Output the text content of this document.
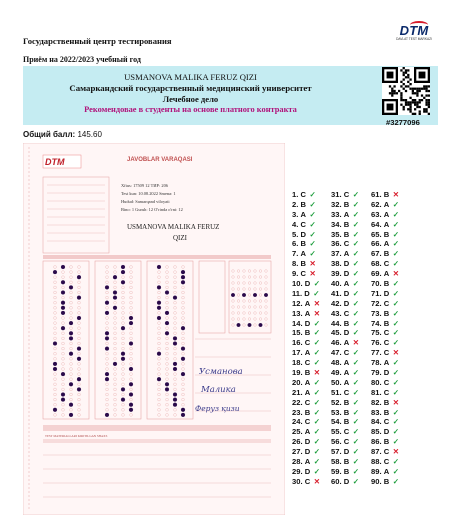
Государственный центр тестирования
Приём на 2022/2023 учебный год
DTM
DAVLAT TEST MARKAZI
USMANOVA MALIKA FERUZ QIZI
Самаркандский государственный медицинский университет
Лечебное дело
Рекомендовае в студенты на основе платного контракта
#3277096
Общий балл: 145.60
DTM	JAVOBLAR VARAQASI
Xftus: 17509 12 ТИР: 206
Test kun: 10.08.2022 Smena: 1
Hudud: Samarqand viloyati
Bino: 1 Guruh: 12 O'rinda o'rni: 12
USMANOVA MALIKA FERUZ
QIZI
Усманова
Малика
Феруз қизи
TEST MATERIALLARI KIRITILGAN SHAXS
1. C ✓
2. B ✓
3. A ✓
4. C ✓
5. D ✓
6. B ✓
7. A ✓
8. B ✕
9. C ✕
10. D ✓
11. D ✓
12. A ✕
13. A ✕
14. D ✓
15. B ✓
16. C ✓
17. A ✓
18. C ✓
19. B ✕
20. A ✓
21. A ✓
22. C ✓
23. B ✓
24. C ✓
25. A ✓
26. D ✓
27. D ✓
28. A ✓
29. D ✓
30. C ✕
31. C ✓
32. B ✓
33. A ✓
34. B ✓
35. B ✓
36. C ✓
37. A ✓
38. D ✓
39. D ✓
40. A ✓
41. D ✓
42. D ✓
43. C ✓
44. B ✓
45. D ✓
46. A ✕
47. C ✓
48. A ✓
49. A ✓
50. A ✓
51. C ✓
52. B ✓
53. B ✓
54. B ✓
55. C ✓
56. C ✓
57. D ✓
58. B ✓
59. B ✓
60. D ✓
61. B ✕
62. A ✓
63. A ✓
64. A ✓
65. B ✓
66. A ✓
67. B ✓
68. C ✓
69. A ✕
70. B ✓
71. D ✓
72. C ✓
73. B ✓
74. B ✓
75. C ✓
76. C ✓
77. C ✕
78. A ✓
79. D ✓
80. C ✓
81. C ✓
82. B ✕
83. B ✓
84. C ✓
85. D ✓
86. B ✓
87. C ✕
88. C ✓
89. A ✓
90. B ✓
